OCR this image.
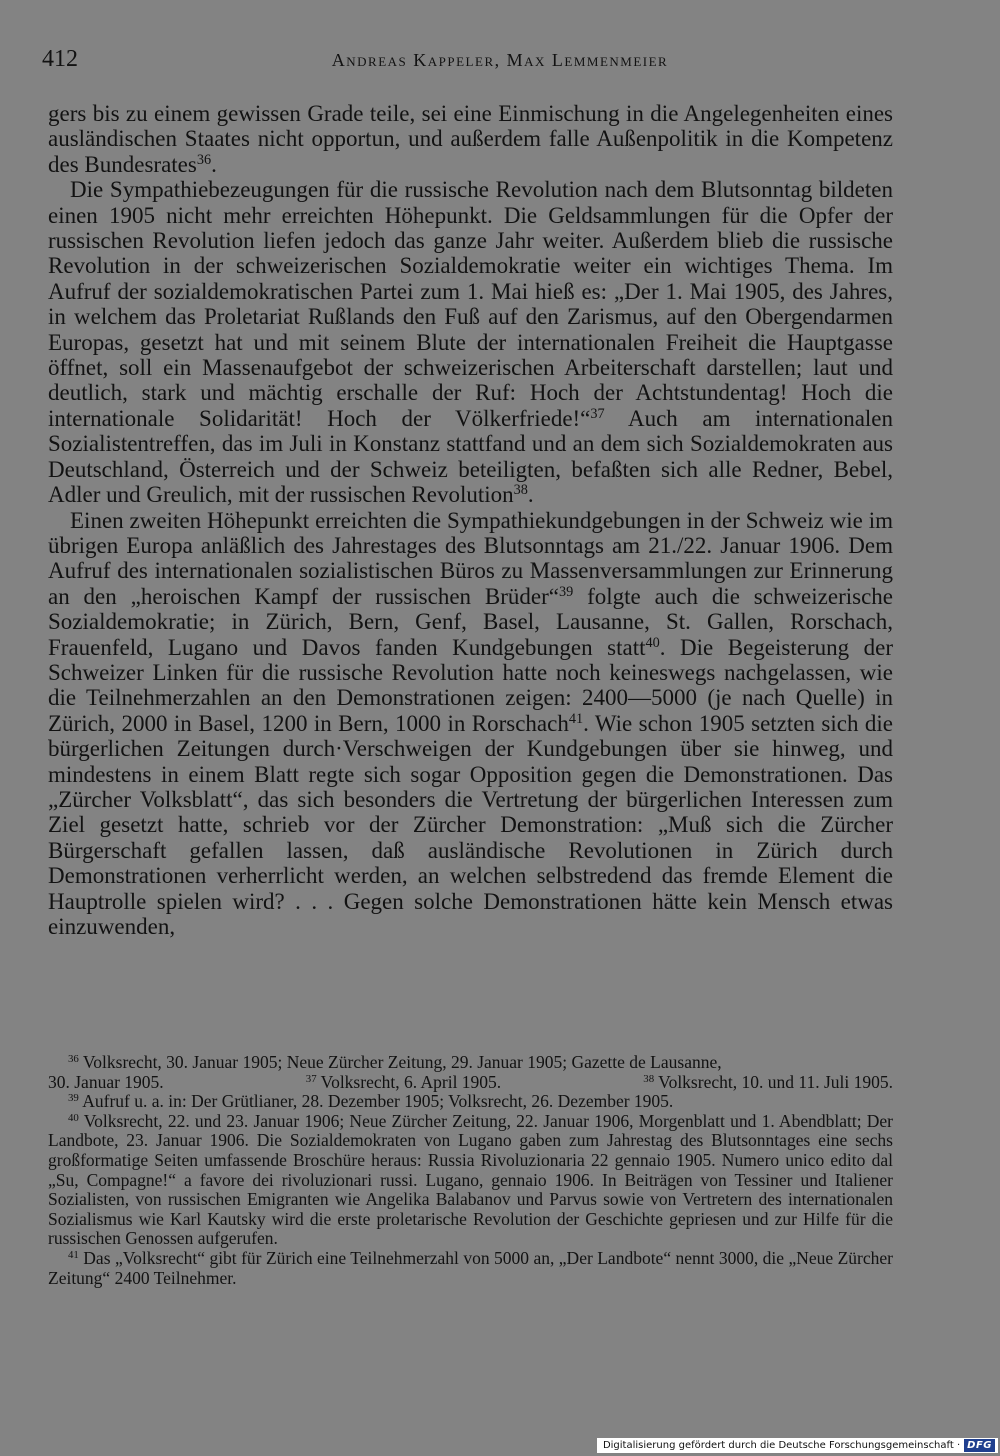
412	Andreas Kappeler, Max Lemmenmeier

gers bis zu einem gewissen Grade teile, sei eine Einmischung in die Angelegenheiten eines ausländischen Staates nicht opportun, und außerdem falle Außenpolitik in die Kompetenz des Bundesrates$^{36}$.

Die Sympathiebezeugungen für die russische Revolution nach dem Blutsonntag bildeten einen 1905 nicht mehr erreichten Höhepunkt. Die Geldsammlungen für die Opfer der russischen Revolution liefen jedoch das ganze Jahr weiter. Außerdem blieb die russische Revolution in der schweizerischen Sozialdemokratie weiter ein wichtiges Thema. Im Aufruf der sozialdemokratischen Partei zum 1. Mai hieß es: „Der 1. Mai 1905, des Jahres, in welchem das Proletariat Rußlands den Fuß auf den Zarismus, auf den Obergendarmen Europas, gesetzt hat und mit seinem Blute der internationalen Freiheit die Hauptgasse öffnet, soll ein Massenaufgebot der schweizerischen Arbeiterschaft darstellen; laut und deutlich, stark und mächtig erschalle der Ruf: Hoch der Achtstundentag! Hoch die internationale Solidarität! Hoch der Völkerfriede!“$^{37}$ Auch am internationalen Sozialistentreffen, das im Juli in Konstanz stattfand und an dem sich Sozialdemokraten aus Deutschland, Österreich und der Schweiz beteiligten, befaßten sich alle Redner, Bebel, Adler und Greulich, mit der russischen Revolution$^{38}$.

Einen zweiten Höhepunkt erreichten die Sympathiekundgebungen in der Schweiz wie im übrigen Europa anläßlich des Jahrestages des Blutsonntags am 21./22. Januar 1906. Dem Aufruf des internationalen sozialistischen Büros zu Massenversammlungen zur Erinnerung an den „heroischen Kampf der russischen Brüder“$^{39}$ folgte auch die schweizerische Sozialdemokratie; in Zürich, Bern, Genf, Basel, Lausanne, St. Gallen, Rorschach, Frauenfeld, Lugano und Davos fanden Kundgebungen statt$^{40}$. Die Begeisterung der Schweizer Linken für die russische Revolution hatte noch keineswegs nachgelassen, wie die Teilnehmerzahlen an den Demonstrationen zeigen: 2400—5000 (je nach Quelle) in Zürich, 2000 in Basel, 1200 in Bern, 1000 in Rorschach$^{41}$. Wie schon 1905 setzten sich die bürgerlichen Zeitungen durch·Verschweigen der Kundgebungen über sie hinweg, und mindestens in einem Blatt regte sich sogar Opposition gegen die Demonstrationen. Das „Zürcher Volksblatt“, das sich besonders die Vertretung der bürgerlichen Interessen zum Ziel gesetzt hatte, schrieb vor der Zürcher Demonstration: „Muß sich die Zürcher Bürgerschaft gefallen lassen, daß ausländische Revolutionen in Zürich durch Demonstrationen verherrlicht werden, an welchen selbstredend das fremde Element die Hauptrolle spielen wird? . . . Gegen solche Demonstrationen hätte kein Mensch etwas einzuwenden,

$^{36}$ Volksrecht, 30. Januar 1905; Neue Zürcher Zeitung, 29. Januar 1905; Gazette de Lausanne,

30. Januar 1905.	$^{37}$ Volksrecht, 6. April 1905.	$^{38}$ Volksrecht, 10. und 11. Juli 1905.

$^{39}$ Aufruf u. a. in: Der Grütlianer, 28. Dezember 1905; Volksrecht, 26. Dezember 1905.

$^{40}$ Volksrecht, 22. und 23. Januar 1906; Neue Zürcher Zeitung, 22. Januar 1906, Morgenblatt und 1. Abendblatt; Der Landbote, 23. Januar 1906. Die Sozialdemokraten von Lugano gaben zum Jahrestag des Blutsonntages eine sechs großformatige Seiten umfassende Broschüre heraus: Russia Rivoluzionaria 22 gennaio 1905. Numero unico edito dal „Su, Compagne!“ a favore dei rivoluzionari russi. Lugano, gennaio 1906. In Beiträgen von Tessiner und Italiener Sozialisten, von russischen Emigranten wie Angelika Balabanov und Parvus sowie von Vertretern des internationalen Sozialismus wie Karl Kautsky wird die erste proletarische Revolution der Geschichte gepriesen und zur Hilfe für die russischen Genossen aufgerufen.

$^{41}$ Das „Volksrecht“ gibt für Zürich eine Teilnehmerzahl von 5000 an, „Der Landbote“ nennt 3000, die „Neue Zürcher Zeitung“ 2400 Teilnehmer.

Digitalisierung gefördert durch die Deutsche Forschungsgemeinschaft · DFG
